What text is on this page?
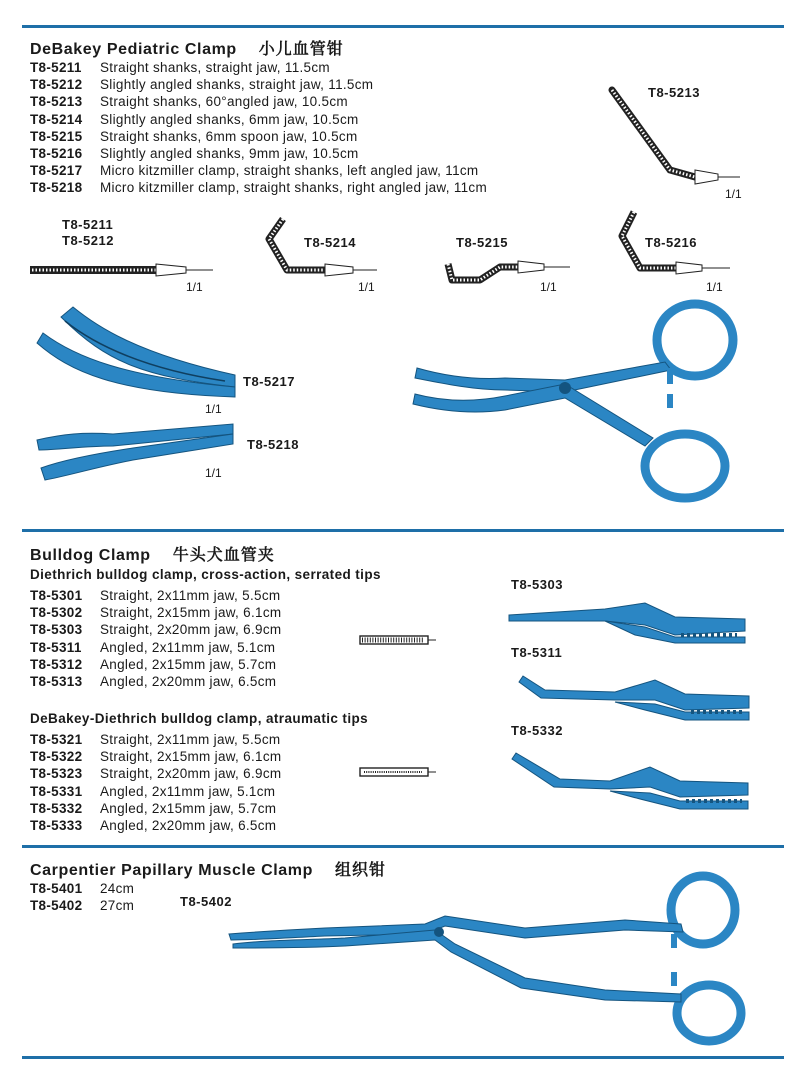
DeBakey Pediatric Clamp 小儿血管钳
T8-5211	Straight shanks, straight jaw, 11.5cm
T8-5212	Slightly angled shanks, straight jaw, 11.5cm
T8-5213	Straight shanks, 60°angled jaw, 10.5cm
T8-5214	Slightly angled shanks, 6mm jaw, 10.5cm
T8-5215	Straight shanks, 6mm spoon jaw, 10.5cm
T8-5216	Slightly angled shanks, 9mm jaw, 10.5cm
T8-5217	Micro kitzmiller clamp, straight shanks, left angled jaw, 11cm
T8-5218	Micro kitzmiller clamp, straight shanks, right angled jaw, 11cm
T8-5213
1/1
T8-5211
T8-5212
1/1
T8-5214
1/1
T8-5215
1/1
T8-5216
1/1
T8-5217
1/1
T8-5218
1/1
Bulldog Clamp 牛头犬血管夹
Diethrich bulldog clamp, cross-action, serrated tips
T8-5301	Straight, 2x11mm jaw, 5.5cm
T8-5302	Straight, 2x15mm jaw, 6.1cm
T8-5303	Straight, 2x20mm jaw, 6.9cm
T8-5311	Angled, 2x11mm jaw, 5.1cm
T8-5312	Angled, 2x15mm jaw, 5.7cm
T8-5313	Angled, 2x20mm jaw, 6.5cm
DeBakey-Diethrich bulldog clamp, atraumatic tips
T8-5321	Straight, 2x11mm jaw, 5.5cm
T8-5322	Straight, 2x15mm jaw, 6.1cm
T8-5323	Straight, 2x20mm jaw, 6.9cm
T8-5331	Angled, 2x11mm jaw, 5.1cm
T8-5332	Angled, 2x15mm jaw, 5.7cm
T8-5333	Angled, 2x20mm jaw, 6.5cm
T8-5303
T8-5311
T8-5332
Carpentier Papillary Muscle Clamp 组织钳
T8-5401	24cm
T8-5402	27cm	T8-5402
